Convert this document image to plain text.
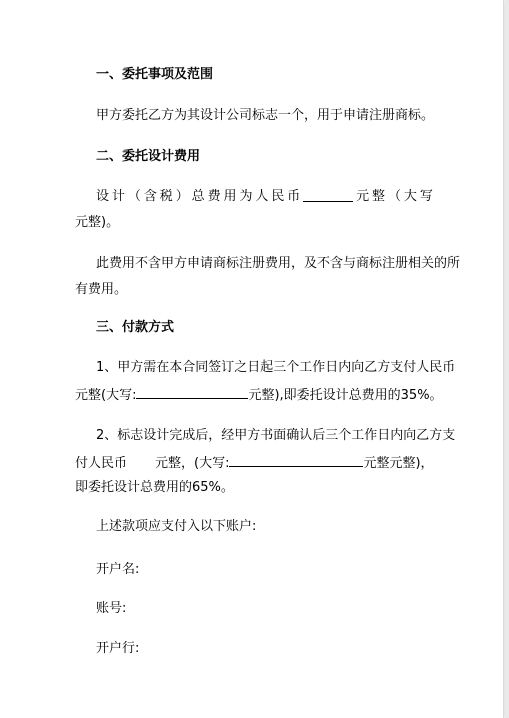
一、委托事项及范围
甲方委托乙方为其设计公司标志一个，用于申请注册商标。
二、委托设计费用
设 计 （ 含 税 ） 总 费 用 为 人 民 币	元 整 （ 大 写
元整)。
此费用不含甲方申请商标注册费用，及不含与商标注册相关的所
有费用。
三、付款方式
1、甲方需在本合同签订之日起三个工作日内向乙方支付人民币
元整(大写:	元整),即委托设计总费用的35%。
2、标志设计完成后，经甲方书面确认后三个工作日内向乙方支
付人民币 元整，(大写:	元整元整)，
即委托设计总费用的65%。
上述款项应支付入以下账户:
开户名:
账号:
开户行:
